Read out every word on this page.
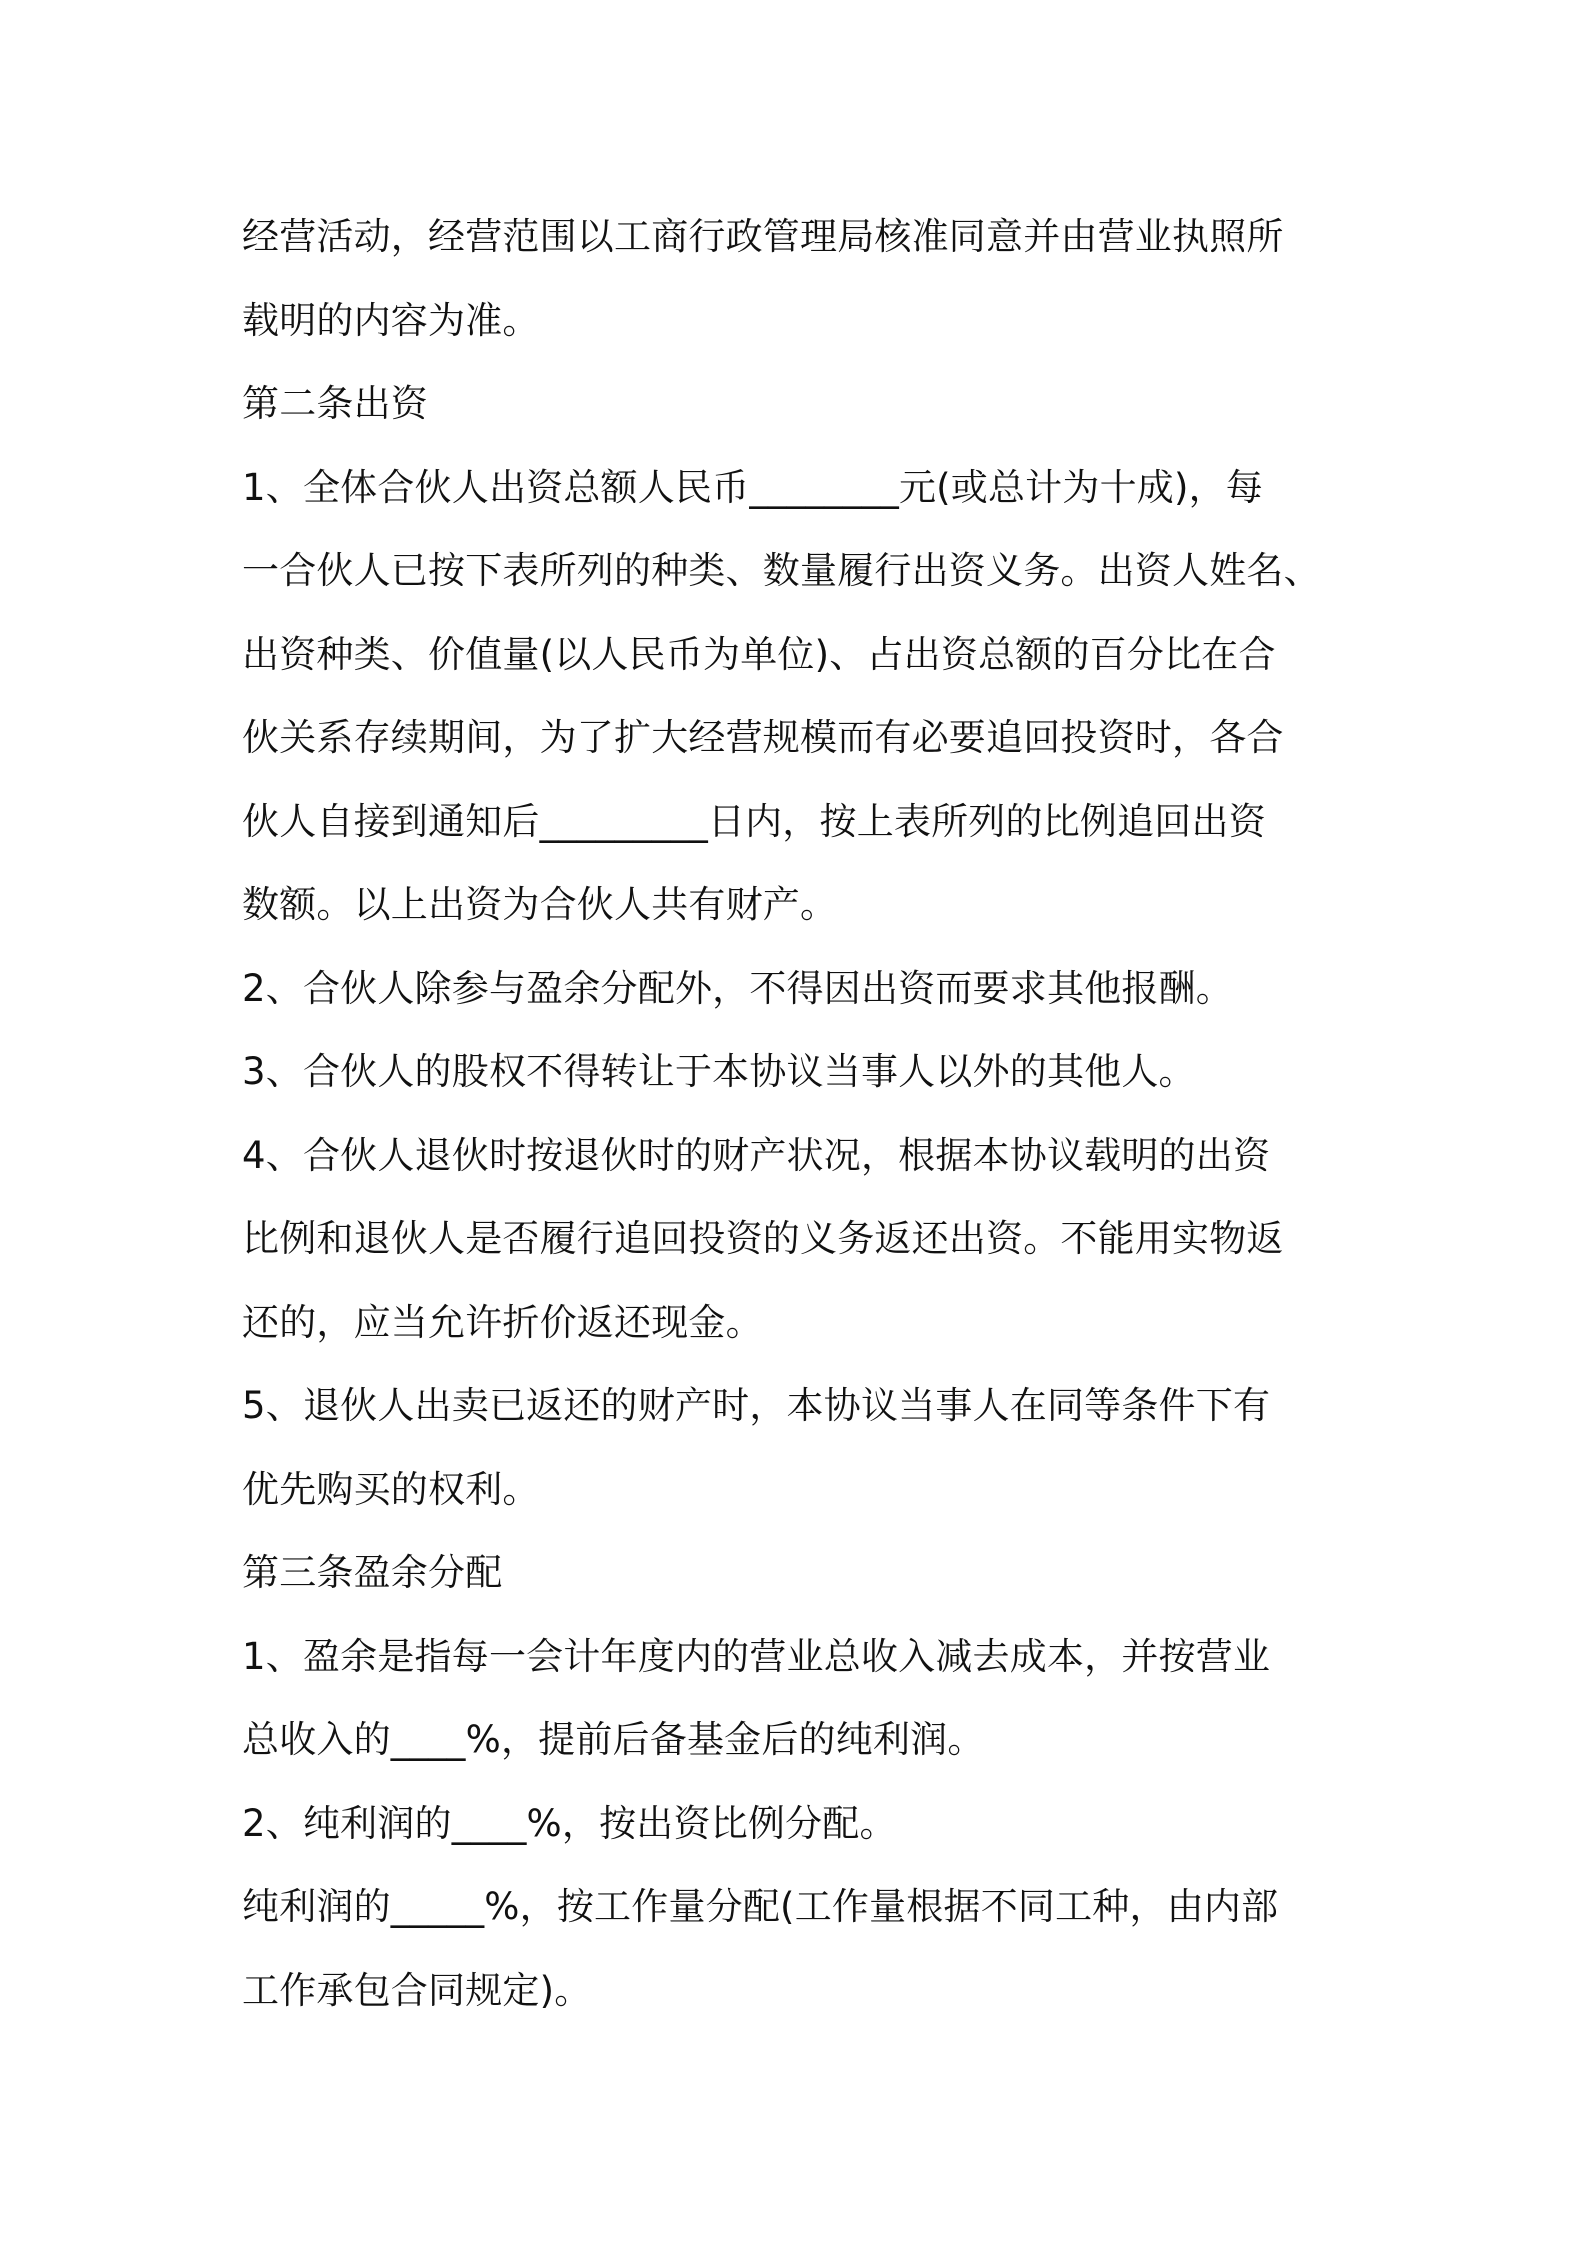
经营活动，经营范围以工商行政管理局核准同意并由营业执照所
载明的内容为准。
第二条出资
1、全体合伙人出资总额人民币________元(或总计为十成)，每
一合伙人已按下表所列的种类、数量履行出资义务。出资人姓名、
出资种类、价值量(以人民币为单位)、占出资总额的百分比在合
伙关系存续期间，为了扩大经营规模而有必要追回投资时，各合
伙人自接到通知后_________日内，按上表所列的比例追回出资
数额。以上出资为合伙人共有财产。
2、合伙人除参与盈余分配外，不得因出资而要求其他报酬。
3、合伙人的股权不得转让于本协议当事人以外的其他人。
4、合伙人退伙时按退伙时的财产状况，根据本协议载明的出资
比例和退伙人是否履行追回投资的义务返还出资。不能用实物返
还的，应当允许折价返还现金。
5、退伙人出卖已返还的财产时，本协议当事人在同等条件下有
优先购买的权利。
第三条盈余分配
1、盈余是指每一会计年度内的营业总收入减去成本，并按营业
总收入的____%，提前后备基金后的纯利润。
2、纯利润的____%，按出资比例分配。
纯利润的_____%，按工作量分配(工作量根据不同工种，由内部
工作承包合同规定)。
